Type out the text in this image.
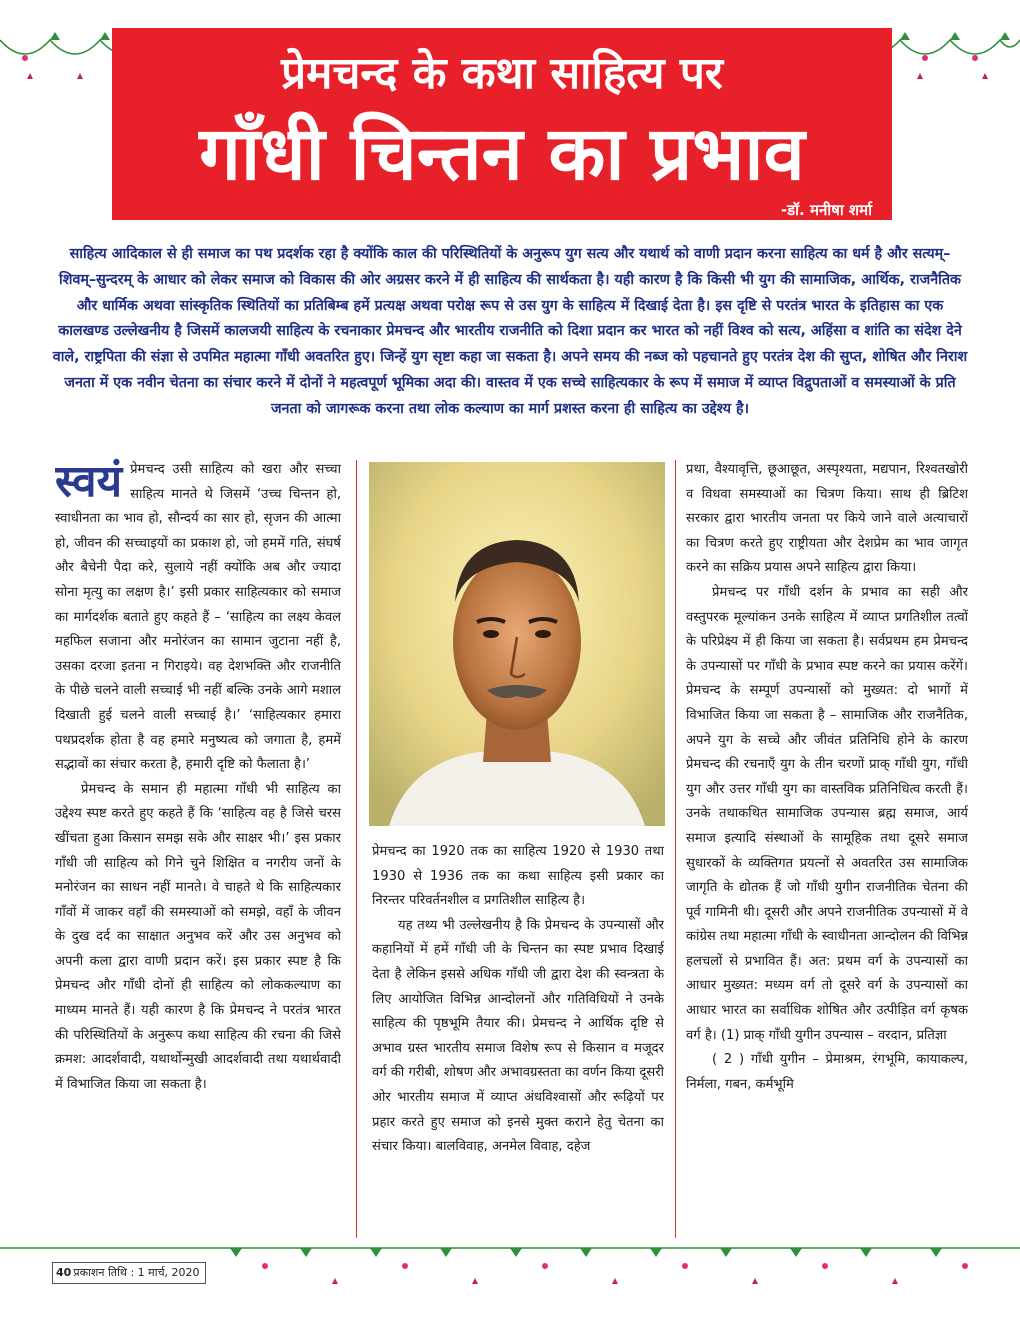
प्रेमचन्द के कथा साहित्य पर
गाँधी चिन्तन का प्रभाव
-डॉ. मनीषा शर्मा

साहित्य आदिकाल से ही समाज का पथ प्रदर्शक रहा है क्योंकि काल की परिस्थितियों के अनुरूप युग सत्य और यथार्थ को वाणी प्रदान करना साहित्य का धर्म है और सत्यम्–शिवम्–सुन्दरम् के आधार को लेकर समाज को विकास की ओर अग्रसर करने में ही साहित्य की सार्थकता है। यही कारण है कि किसी भी युग की सामाजिक, आर्थिक, राजनैतिक और धार्मिक अथवा सांस्कृतिक स्थितियों का प्रतिबिम्ब हमें प्रत्यक्ष अथवा परोक्ष रूप से उस युग के साहित्य में दिखाई देता है। इस दृष्टि से परतंत्र भारत के इतिहास का एक कालखण्ड उल्लेखनीय है जिसमें कालजयी साहित्य के रचनाकार प्रेमचन्द और भारतीय राजनीति को दिशा प्रदान कर भारत को नहीं विश्व को सत्य, अहिंसा व शांति का संदेश देने वाले, राष्ट्रपिता की संज्ञा से उपमित महात्मा गाँधी अवतरित हुए। जिन्हें युग सृष्टा कहा जा सकता है। अपने समय की नब्ज को पहचानते हुए परतंत्र देश की सुप्त, शोषित और निराश जनता में एक नवीन चेतना का संचार करने में दोनों ने महत्वपूर्ण भूमिका अदा की। वास्तव में एक सच्चे साहित्यकार के रूप में समाज में व्याप्त विद्रुपताओं व समस्याओं के प्रति जनता को जागरूक करना तथा लोक कल्याण का मार्ग प्रशस्त करना ही साहित्य का उद्देश्य है।

स्वयं प्रेमचन्द उसी साहित्य को खरा और सच्चा साहित्य मानते थे जिसमें ‘उच्च चिन्तन हो, स्वाधीनता का भाव हो, सौन्दर्य का सार हो, सृजन की आत्मा हो, जीवन की सच्चाइयों का प्रकाश हो, जो हममें गति, संघर्ष और बैचेनी पैदा करे, सुलाये नहीं क्योंकि अब और ज्यादा सोना मृत्यु का लक्षण है।’ इसी प्रकार साहित्यकार को समाज का मार्गदर्शक बताते हुए कहते हैं – ‘साहित्य का लक्ष्य केवल महफिल सजाना और मनोरंजन का सामान जुटाना नहीं है, उसका दरजा इतना न गिराइये। वह देशभक्ति और राजनीति के पीछे चलने वाली सच्चाई भी नहीं बल्कि उनके आगे मशाल दिखाती हुई चलने वाली सच्चाई है।’ ‘साहित्यकार हमारा पथप्रदर्शक होता है वह हमारे मनुष्यत्व को जगाता है, हममें सद्भावों का संचार करता है, हमारी दृष्टि को फैलाता है।’

प्रेमचन्द के समान ही महात्मा गाँधी भी साहित्य का उद्देश्य स्पष्ट करते हुए कहते हैं कि ‘साहित्य वह है जिसे चरस खींचता हुआ किसान समझ सके और साक्षर भी।’ इस प्रकार गाँधी जी साहित्य को गिने चुने शिक्षित व नगरीय जनों के मनोरंजन का साधन नहीं मानते। वे चाहते थे कि साहित्यकार गाँवों में जाकर वहाँ की समस्याओं को समझे, वहाँ के जीवन के दुख दर्द का साक्षात अनुभव करें और उस अनुभव को अपनी कला द्वारा वाणी प्रदान करें। इस प्रकार स्पष्ट है कि प्रेमचन्द और गाँधी दोनों ही साहित्य को लोककल्याण का माध्यम मानते हैं। यही कारण है कि प्रेमचन्द ने परतंत्र भारत की परिस्थितियों के अनुरूप कथा साहित्य की रचना की जिसे क्रमश: आदर्शवादी, यथार्थोन्मुखी आदर्शवादी तथा यथार्थवादी में विभाजित किया जा सकता है।

प्रेमचन्द का 1920 तक का साहित्य 1920 से 1930 तथा 1930 से 1936 तक का कथा साहित्य इसी प्रकार का निरन्तर परिवर्तनशील व प्रगतिशील साहित्य है।

यह तथ्य भी उल्लेखनीय है कि प्रेमचन्द के उपन्यासों और कहानियों में हमें गाँधी जी के चिन्तन का स्पष्ट प्रभाव दिखाई देता है लेकिन इससे अधिक गाँधी जी द्वारा देश की स्वन्त्रता के लिए आयोजित विभिन्न आन्दोलनों और गतिविधियों ने उनके साहित्य की पृष्ठभूमि तैयार की। प्रेमचन्द ने आर्थिक दृष्टि से अभाव ग्रस्त भारतीय समाज विशेष रूप से किसान व मजूदर वर्ग की गरीबी, शोषण और अभावग्रस्तता का वर्णन किया दूसरी ओर भारतीय समाज में व्याप्त अंधविश्वासों और रूढ़ियों पर प्रहार करते हुए समाज को इनसे मुक्त कराने हेतु चेतना का संचार किया। बालविवाह, अनमेल विवाह, दहेज

प्रथा, वैश्यावृत्ति, छूआछूत, अस्पृश्यता, मद्यपान, रिश्वतखोरी व विधवा समस्याओं का चित्रण किया। साथ ही ब्रिटिश सरकार द्वारा भारतीय जनता पर किये जाने वाले अत्याचारों का चित्रण करते हुए राष्ट्रीयता और देशप्रेम का भाव जागृत करने का सक्रिय प्रयास अपने साहित्य द्वारा किया।

प्रेमचन्द पर गाँधी दर्शन के प्रभाव का सही और वस्तुपरक मूल्यांकन उनके साहित्य में व्याप्त प्रगतिशील तत्वों के परिप्रेक्ष्य में ही किया जा सकता है। सर्वप्रथम हम प्रेमचन्द के उपन्यासों पर गाँधी के प्रभाव स्पष्ट करने का प्रयास करेंगें। प्रेमचन्द के सम्पूर्ण उपन्यासों को मुख्यत: दो भागों में विभाजित किया जा सकता है – सामाजिक और राजनैतिक, अपने युग के सच्चे और जीवंत प्रतिनिधि होने के कारण प्रेमचन्द की रचनाएँ युग के तीन चरणों प्राक् गाँधी युग, गाँधी युग और उत्तर गाँधी युग का वास्तविक प्रतिनिधित्व करती हैं। उनके तथाकथित सामाजिक उपन्यास ब्रह्म समाज, आर्य समाज इत्यादि संस्थाओं के सामूहिक तथा दूसरे समाज सुधारकों के व्यक्तिगत प्रयत्नों से अवतरित उस सामाजिक जागृति के द्योतक हैं जो गाँधी युगीन राजनीतिक चेतना की पूर्व गामिनी थी। दूसरी और अपने राजनीतिक उपन्यासों में वे कांग्रेस तथा महात्मा गाँधी के स्वाधीनता आन्दोलन की विभिन्न हलचलों से प्रभावित हैं। अत: प्रथम वर्ग के उपन्यासों का आधार मुख्यत: मध्यम वर्ग तो दूसरे वर्ग के उपन्यासों का आधार भारत का सर्वाधिक शोषित और उत्पीड़ित वर्ग कृषक वर्ग है। (1) प्राक् गाँधी युगीन उपन्यास – वरदान, प्रतिज्ञा

( 2 ) गाँधी युगीन – प्रेमाश्रम, रंगभूमि, कायाकल्प, निर्मला, गबन, कर्मभूमि

40 प्रकाशन तिथि : 1 मार्च, 2020
